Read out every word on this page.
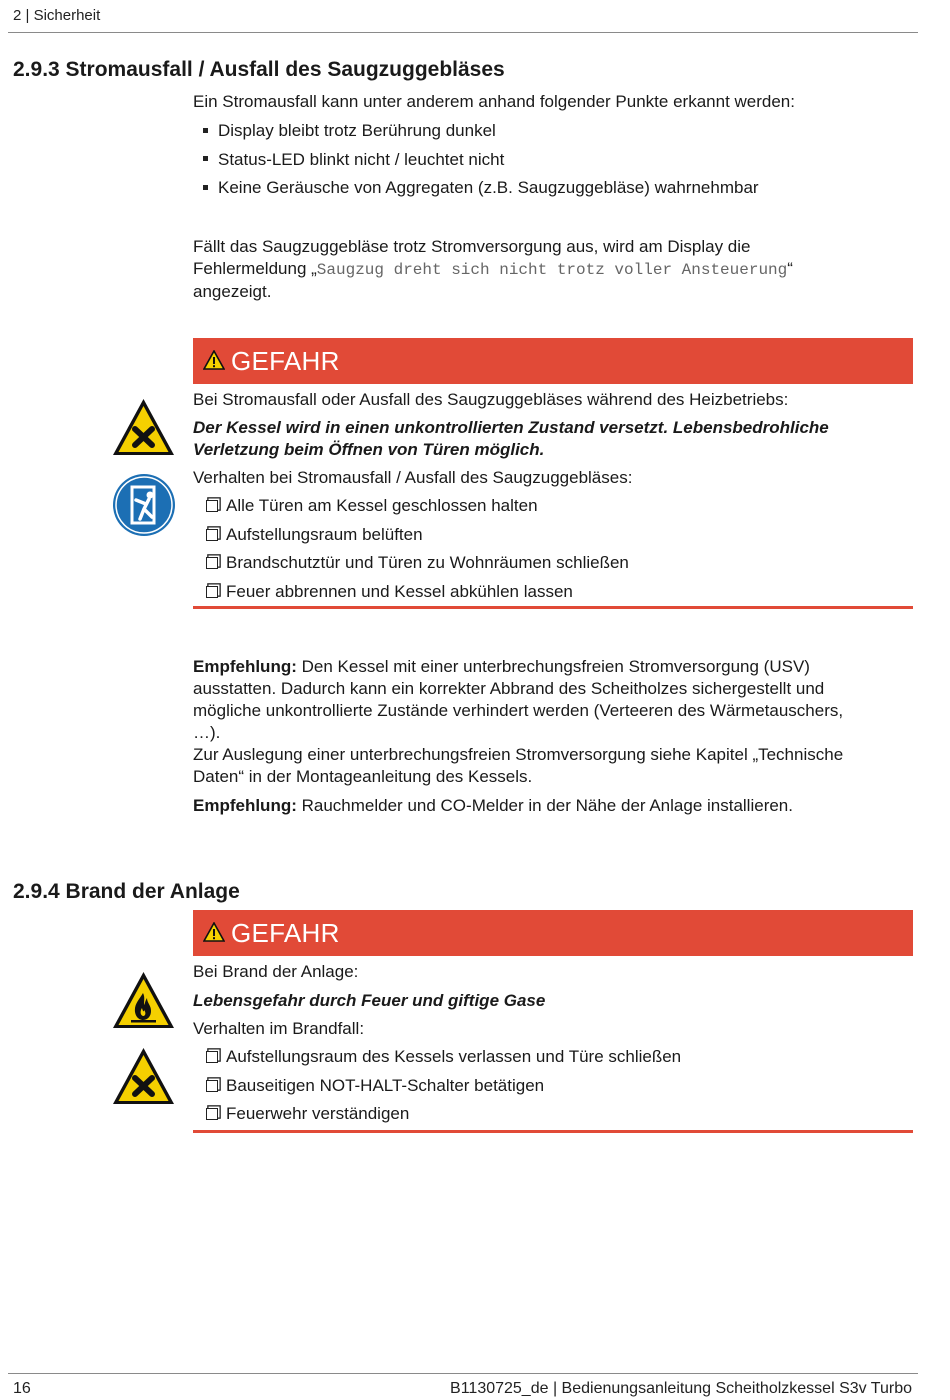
2 | Sicherheit
2.9.3 Stromausfall / Ausfall des Saugzuggebläses
Ein Stromausfall kann unter anderem anhand folgender Punkte erkannt werden:
Display bleibt trotz Berührung dunkel
Status-LED blinkt nicht / leuchtet nicht
Keine Geräusche von Aggregaten (z.B. Saugzuggebläse) wahrnehmbar
Fällt das Saugzuggebläse trotz Stromversorgung aus, wird am Display die
Fehlermeldung „Saugzug dreht sich nicht trotz voller Ansteuerung“
angezeigt.
GEFAHR
Bei Stromausfall oder Ausfall des Saugzuggebläses während des Heizbetriebs:
Der Kessel wird in einen unkontrollierten Zustand versetzt. Lebensbedrohliche
Verletzung beim Öffnen von Türen möglich.
Verhalten bei Stromausfall / Ausfall des Saugzuggebläses:
Alle Türen am Kessel geschlossen halten
Aufstellungsraum belüften
Brandschutztür und Türen zu Wohnräumen schließen
Feuer abbrennen und Kessel abkühlen lassen
Empfehlung: Den Kessel mit einer unterbrechungsfreien Stromversorgung (USV)
ausstatten. Dadurch kann ein korrekter Abbrand des Scheitholzes sichergestellt und
mögliche unkontrollierte Zustände verhindert werden (Verteeren des Wärmetauschers,
…).
Zur Auslegung einer unterbrechungsfreien Stromversorgung siehe Kapitel „Technische
Daten“ in der Montageanleitung des Kessels.
Empfehlung: Rauchmelder und CO-Melder in der Nähe der Anlage installieren.
2.9.4 Brand der Anlage
GEFAHR
Bei Brand der Anlage:
Lebensgefahr durch Feuer und giftige Gase
Verhalten im Brandfall:
Aufstellungsraum des Kessels verlassen und Türe schließen
Bauseitigen NOT-HALT-Schalter betätigen
Feuerwehr verständigen
16	B1130725_de | Bedienungsanleitung Scheitholzkessel S3v Turbo
